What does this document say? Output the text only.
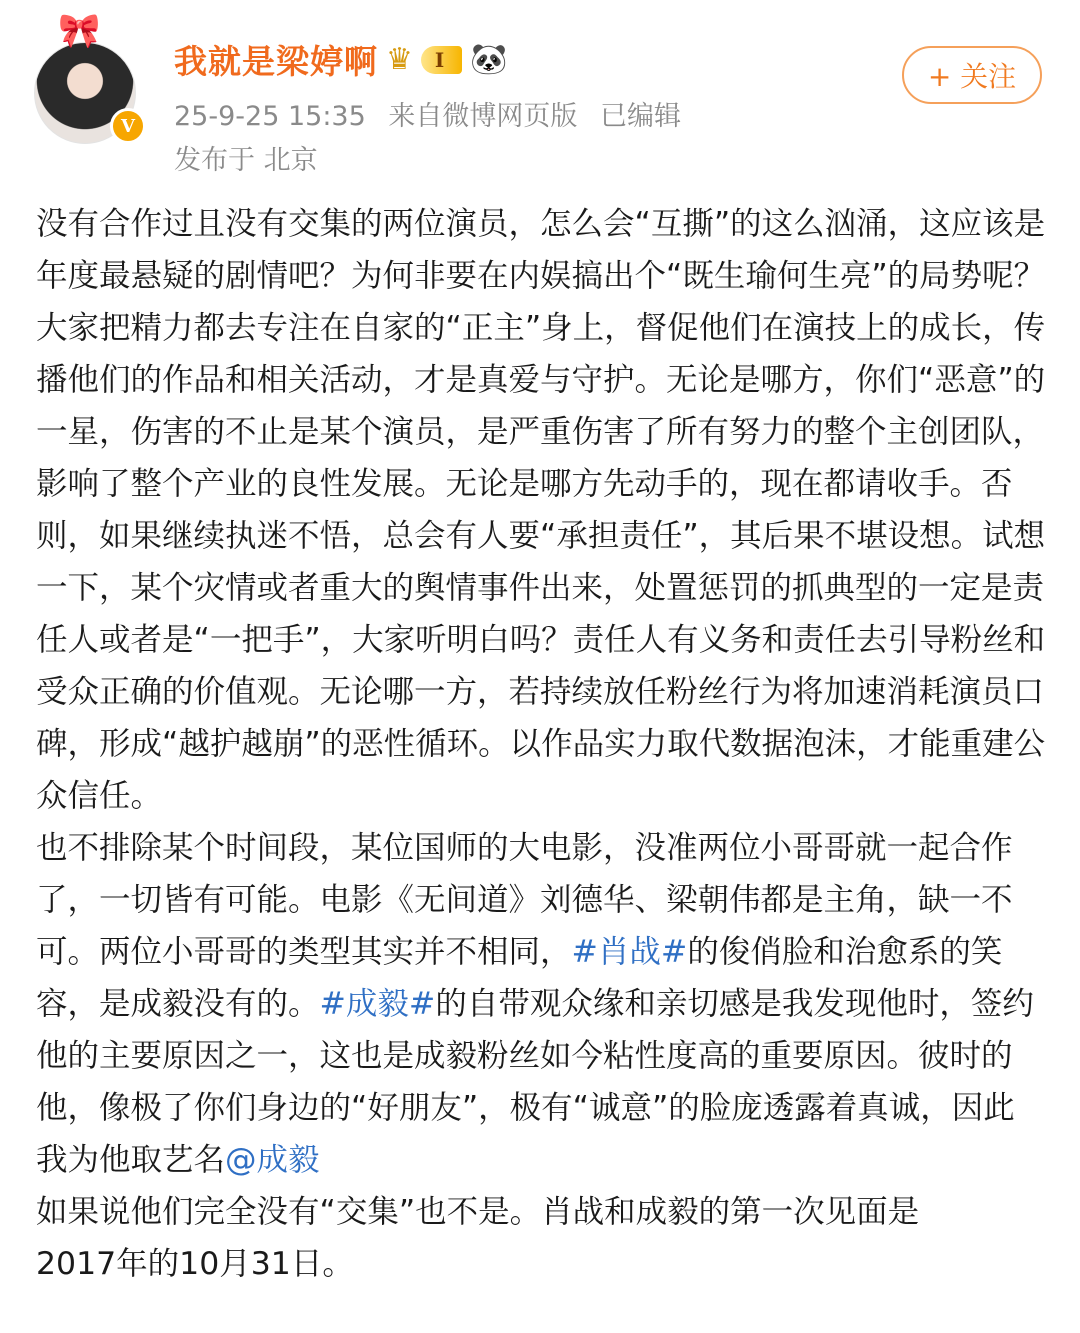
🎀
V
我就是梁婷啊 ♛	I 🐼
25-9-25 15:35 来自微博网页版 已编辑
发布于 北京
+ 关注

没有合作过且没有交集的两位演员，怎么会“互撕”的这么汹涌，这应该是年度最悬疑的剧情吧？为何非要在内娱搞出个“既生瑜何生亮”的局势呢？大家把精力都去专注在自家的“正主”身上，督促他们在演技上的成长，传播他们的作品和相关活动，才是真爱与守护。无论是哪方，你们“恶意”的一星，伤害的不止是某个演员，是严重伤害了所有努力的整个主创团队，影响了整个产业的良性发展。无论是哪方先动手的，现在都请收手。否则，如果继续执迷不悟，总会有人要“承担责任”，其后果不堪设想。试想一下，某个灾情或者重大的舆情事件出来，处置惩罚的抓典型的一定是责任人或者是“一把手”，大家听明白吗？责任人有义务和责任去引导粉丝和受众正确的价值观。无论哪一方，若持续放任粉丝行为将加速消耗演员口碑，形成“越护越崩”的恶性循环。以作品实力取代数据泡沫，才能重建公众信任。

也不排除某个时间段，某位国师的大电影，没准两位小哥哥就一起合作了，一切皆有可能。电影《无间道》刘德华、梁朝伟都是主角，缺一不可。两位小哥哥的类型其实并不相同，#肖战#的俊俏脸和治愈系的笑容，是成毅没有的。#成毅#的自带观众缘和亲切感是我发现他时，签约他的主要原因之一，这也是成毅粉丝如今粘性度高的重要原因。彼时的他，像极了你们身边的“好朋友”，极有“诚意”的脸庞透露着真诚，因此我为他取艺名@成毅

如果说他们完全没有“交集”也不是。肖战和成毅的第一次见面是

2017年的10月31日。
